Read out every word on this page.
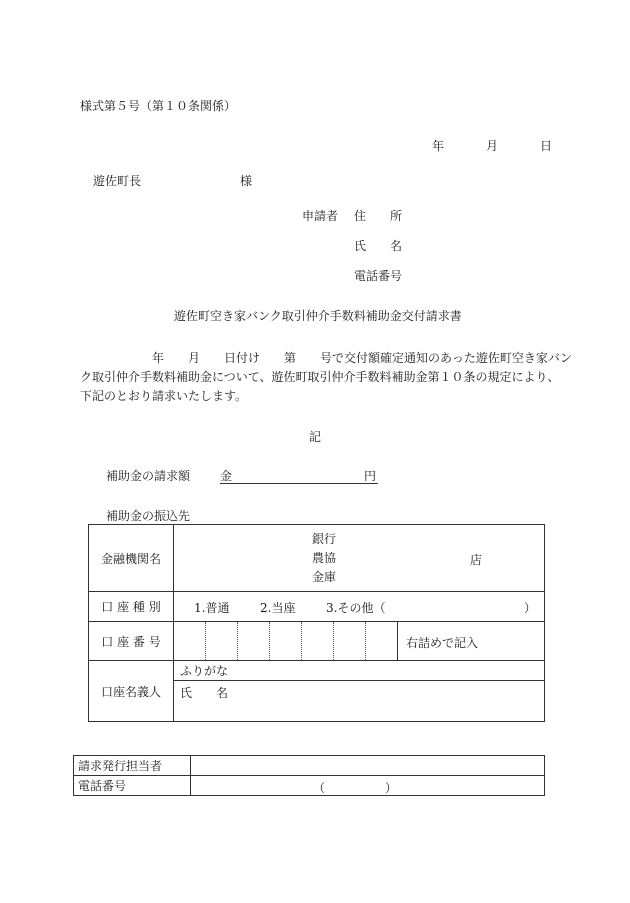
様式第５号（第１０条関係）
年	月	日
遊佐町長	様
申請者 住　　所
氏　　名
電話番号
遊佐町空き家バンク取引仲介手数料補助金交付請求書
　　　　　　年　　月　　日付け　　第　　号で交付額確定通知のあった遊佐町空き家バン
ク取引仲介手数料補助金について、遊佐町取引仲介手数料補助金第１０条の規定により、
下記のとおり請求いたします。
記
補助金の請求額 金	円
補助金の振込先
金融機関名	銀行
農協
金庫
店

口 座 種 別	1.普通 2.当座 3.その他（ ）

口 座 番 号	右詰めで記入

口座名義人	ふりがな
	氏　　名
請求発行担当者	
電話番号	（　　　　　）
